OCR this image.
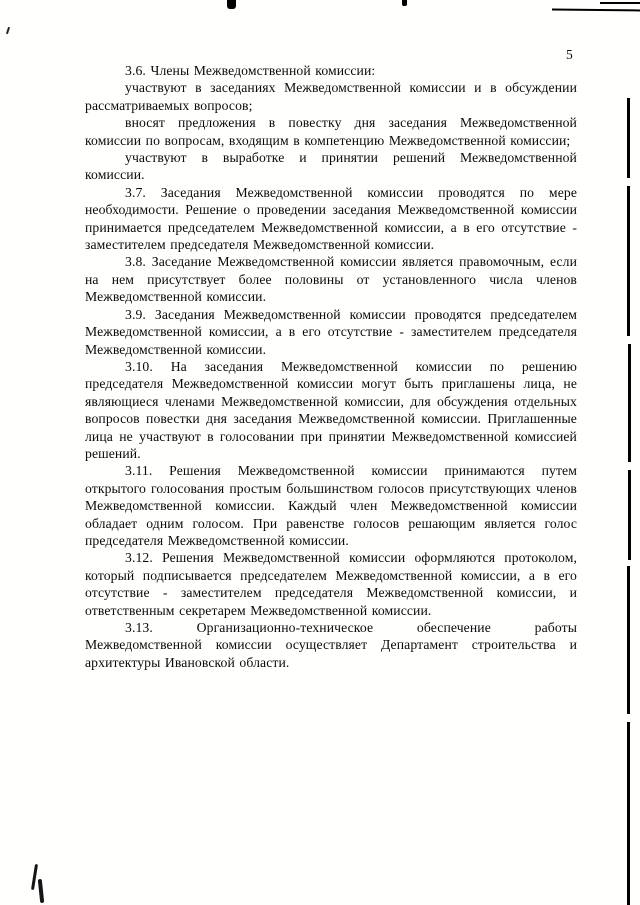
5

3.6. Члены Межведомственной комиссии:

участвуют в заседаниях Межведомственной комиссии и в обсуждении рассматриваемых вопросов;

вносят предложения в повестку дня заседания Межведомственной комиссии по вопросам, входящим в компетенцию Межведомственной комиссии;

участвуют в выработке и принятии решений Межведомственной комиссии.

3.7. Заседания Межведомственной комиссии проводятся по мере необходимости. Решение о проведении заседания Межведомственной комиссии принимается председателем Межведомственной комиссии, а в его отсутствие - заместителем председателя Межведомственной комиссии.

3.8. Заседание Межведомственной комиссии является правомочным, если на нем присутствует более половины от установленного числа членов Межведомственной комиссии.

3.9. Заседания Межведомственной комиссии проводятся председателем Межведомственной комиссии, а в его отсутствие - заместителем председателя Межведомственной комиссии.

3.10. На заседания Межведомственной комиссии по решению председателя Межведомственной комиссии могут быть приглашены лица, не являющиеся членами Межведомственной комиссии, для обсуждения отдельных вопросов повестки дня заседания Межведомственной комиссии. Приглашенные лица не участвуют в голосовании при принятии Межведомственной комиссией решений.

3.11. Решения Межведомственной комиссии принимаются путем открытого голосования простым большинством голосов присутствующих членов Межведомственной комиссии. Каждый член Межведомственной комиссии обладает одним голосом. При равенстве голосов решающим является голос председателя Межведомственной комиссии.

3.12. Решения Межведомственной комиссии оформляются протоколом, который подписывается председателем Межведомственной комиссии, а в его отсутствие - заместителем председателя Межведомственной комиссии, и ответственным секретарем Межведомственной комиссии.

3.13. Организационно-техническое обеспечение работы Межведомственной комиссии осуществляет Департамент строительства и архитектуры Ивановской области.
